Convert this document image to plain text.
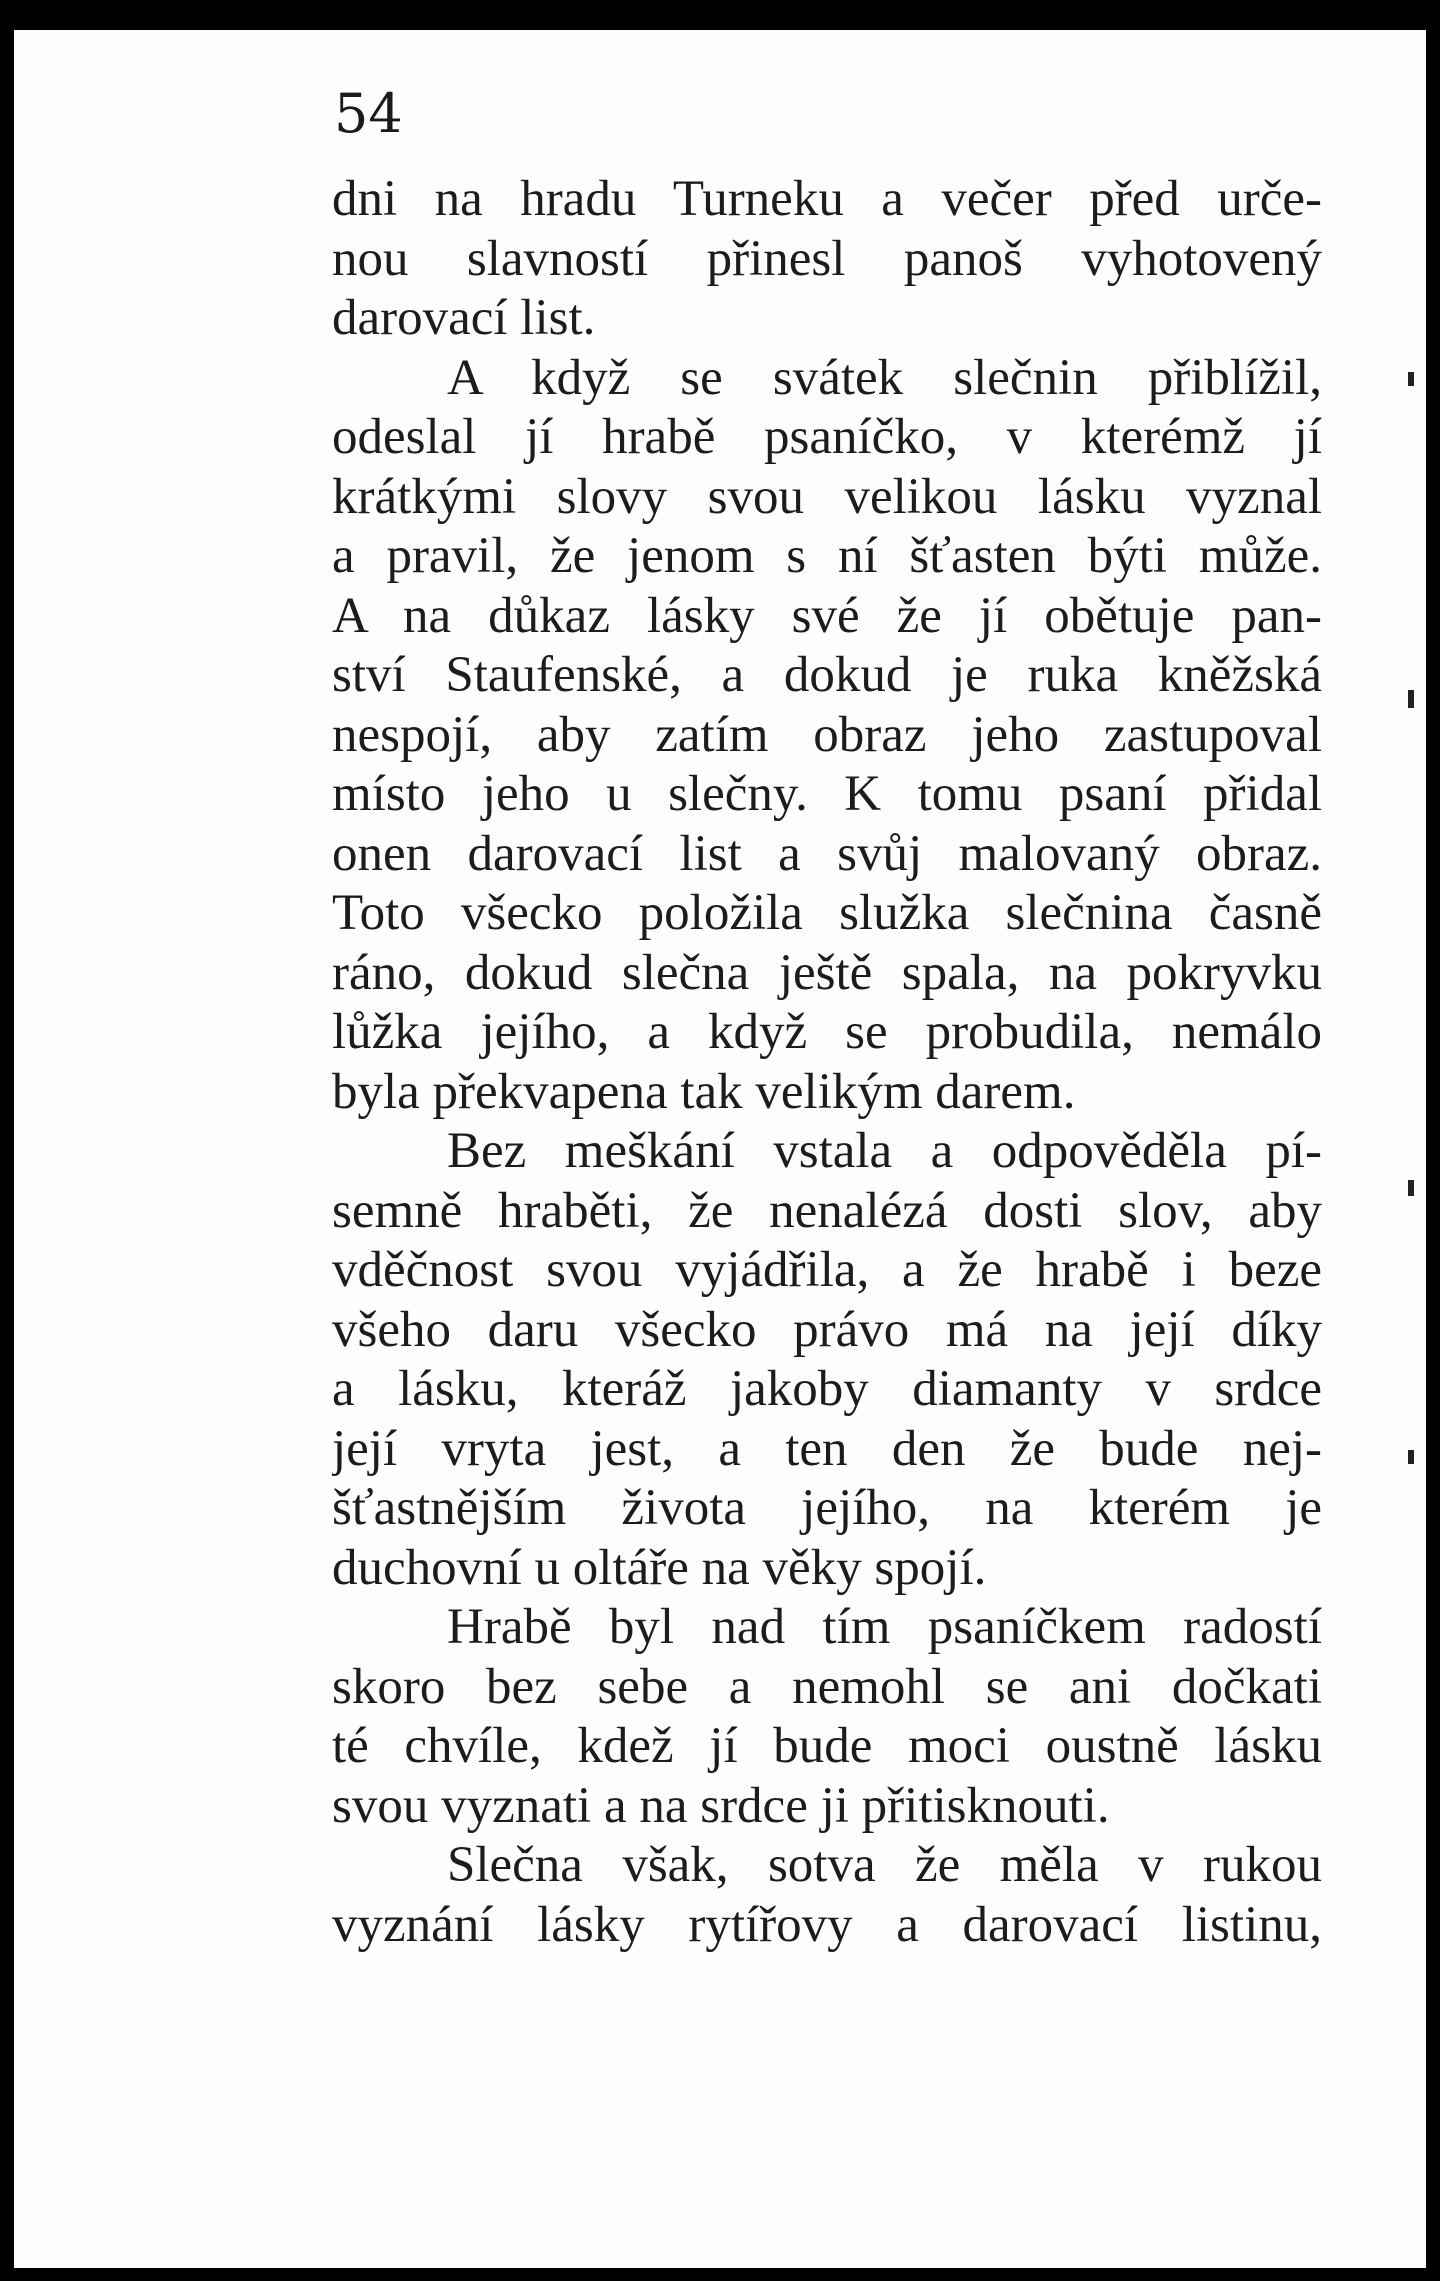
54

dni na hradu Turneku a večer před urče-
nou slavností přinesl panoš vyhotovený
darovací list.
A když se svátek slečnin přiblížil,
odeslal jí hrabě psaníčko, v kterémž jí
krátkými slovy svou velikou lásku vyznal
a pravil, že jenom s ní šťasten býti může.
A na důkaz lásky své že jí obětuje pan-
ství Staufenské, a dokud je ruka kněžská
nespojí, aby zatím obraz jeho zastupoval
místo jeho u slečny. K tomu psaní přidal
onen darovací list a svůj malovaný obraz.
Toto všecko položila služka slečnina časně
ráno, dokud slečna ještě spala, na pokryvku
lůžka jejího, a když se probudila, nemálo
byla překvapena tak velikým darem.
Bez meškání vstala a odpověděla pí-
semně hraběti, že nenalézá dosti slov, aby
vděčnost svou vyjádřila, a že hrabě i beze
všeho daru všecko právo má na její díky
a lásku, kteráž jakoby diamanty v srdce
její vryta jest, a ten den že bude nej-
šťastnějším života jejího, na kterém je
duchovní u oltáře na věky spojí.
Hrabě byl nad tím psaníčkem radostí
skoro bez sebe a nemohl se ani dočkati
té chvíle, kdež jí bude moci oustně lásku
svou vyznati a na srdce ji přitisknouti.
Slečna však, sotva že měla v rukou
vyznání lásky rytířovy a darovací listinu,
